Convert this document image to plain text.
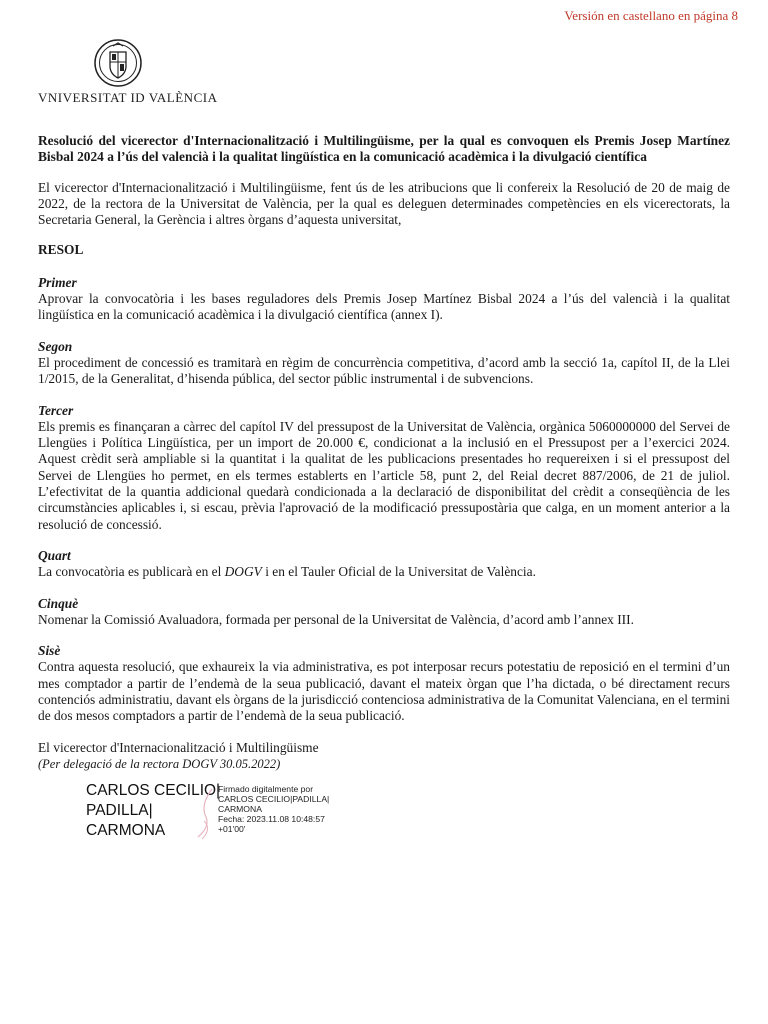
Versión en castellano en página 8
VNIVERSITAT ID VALÈNCIA

Resolució del vicerector d'Internacionalització i Multilingüisme, per la qual es convoquen els Premis Josep Martínez Bisbal 2024 a l’ús del valencià i la qualitat lingüística en la comunicació acadèmica i la divulgació científica

El vicerector d'Internacionalització i Multilingüisme, fent ús de les atribucions que li confereix la Resolució de 20 de maig de 2022, de la rectora de la Universitat de València, per la qual es deleguen determinades competències en els vicerectorats, la Secretaria General, la Gerència i altres òrgans d’aquesta universitat,

RESOL

Primer

Aprovar la convocatòria i les bases reguladores dels Premis Josep Martínez Bisbal 2024 a l’ús del valencià i la qualitat lingüística en la comunicació acadèmica i la divulgació científica (annex I).

Segon

El procediment de concessió es tramitarà en règim de concurrència competitiva, d’acord amb la secció 1a, capítol II, de la Llei 1/2015, de la Generalitat, d’hisenda pública, del sector públic instrumental i de subvencions.

Tercer

Els premis es finançaran a càrrec del capítol IV del pressupost de la Universitat de València, orgànica 5060000000 del Servei de Llengües i Política Lingüística, per un import de 20.000 €, condicionat a la inclusió en el Pressupost per a l’exercici 2024. Aquest crèdit serà ampliable si la quantitat i la qualitat de les publicacions presentades ho requereixen i si el pressupost del Servei de Llengües ho permet, en els termes establerts en l’article 58, punt 2, del Reial decret 887/2006, de 21 de juliol. L’efectivitat de la quantia addicional quedarà condicionada a la declaració de disponibilitat del crèdit a conseqüència de les circumstàncies aplicables i, si escau, prèvia l'aprovació de la modificació pressupostària que calga, en un moment anterior a la resolució de concessió.

Quart

La convocatòria es publicarà en el DOGV i en el Tauler Oficial de la Universitat de València.

Cinquè

Nomenar la Comissió Avaluadora, formada per personal de la Universitat de València, d’acord amb l’annex III.

Sisè

Contra aquesta resolució, que exhaureix la via administrativa, es pot interposar recurs potestatiu de reposició en el termini d’un mes comptador a partir de l’endemà de la seua publicació, davant el mateix òrgan que l’ha dictada, o bé directament recurs contenciós administratiu, davant els òrgans de la jurisdicció contenciosa administrativa de la Comunitat Valenciana, en el termini de dos mesos comptadors a partir de l’endemà de la seua publicació.

El vicerector d'Internacionalització i Multilingüisme

(Per delegació de la rectora DOGV 30.05.2022)

CARLOS CECILIO|
PADILLA|
CARMONA
Firmado digitalmente por
CARLOS CECILIO|PADILLA|
CARMONA
Fecha: 2023.11.08 10:48:57
+01'00'
